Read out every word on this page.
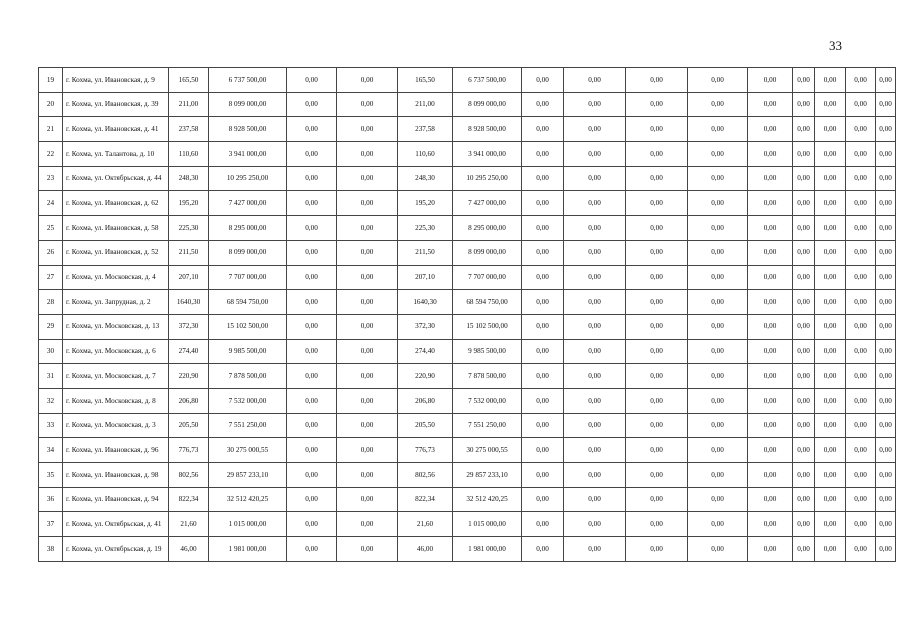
33
19	г. Кохма, ул. Ивановская, д. 9	165,50	6 737 500,00	0,00	0,00	165,50	6 737 500,00	0,00	0,00	0,00	0,00	0,00	0,00	0,00	0,00	0,00
20	г. Кохма, ул. Ивановская, д. 39	211,00	8 099 000,00	0,00	0,00	211,00	8 099 000,00	0,00	0,00	0,00	0,00	0,00	0,00	0,00	0,00	0,00
21	г. Кохма, ул. Ивановская, д. 41	237,58	8 928 500,00	0,00	0,00	237,58	8 928 500,00	0,00	0,00	0,00	0,00	0,00	0,00	0,00	0,00	0,00
22	г. Кохма, ул. Талантова, д. 10	110,60	3 941 000,00	0,00	0,00	110,60	3 941 000,00	0,00	0,00	0,00	0,00	0,00	0,00	0,00	0,00	0,00
23	г. Кохма, ул. Октябрьская, д. 44	248,30	10 295 250,00	0,00	0,00	248,30	10 295 250,00	0,00	0,00	0,00	0,00	0,00	0,00	0,00	0,00	0,00
24	г. Кохма, ул. Ивановская, д. 62	195,20	7 427 000,00	0,00	0,00	195,20	7 427 000,00	0,00	0,00	0,00	0,00	0,00	0,00	0,00	0,00	0,00
25	г. Кохма, ул. Ивановская, д. 58	225,30	8 295 000,00	0,00	0,00	225,30	8 295 000,00	0,00	0,00	0,00	0,00	0,00	0,00	0,00	0,00	0,00
26	г. Кохма, ул. Ивановская, д. 52	211,50	8 099 000,00	0,00	0,00	211,50	8 099 000,00	0,00	0,00	0,00	0,00	0,00	0,00	0,00	0,00	0,00
27	г. Кохма, ул. Московская, д. 4	207,10	7 707 000,00	0,00	0,00	207,10	7 707 000,00	0,00	0,00	0,00	0,00	0,00	0,00	0,00	0,00	0,00
28	г. Кохма, ул. Запрудная, д. 2	1640,30	68 594 750,00	0,00	0,00	1640,30	68 594 750,00	0,00	0,00	0,00	0,00	0,00	0,00	0,00	0,00	0,00
29	г. Кохма, ул. Московская, д. 13	372,30	15 102 500,00	0,00	0,00	372,30	15 102 500,00	0,00	0,00	0,00	0,00	0,00	0,00	0,00	0,00	0,00
30	г. Кохма, ул. Московская, д. 6	274,40	9 985 500,00	0,00	0,00	274,40	9 985 500,00	0,00	0,00	0,00	0,00	0,00	0,00	0,00	0,00	0,00
31	г. Кохма, ул. Московская, д. 7	220,90	7 878 500,00	0,00	0,00	220,90	7 878 500,00	0,00	0,00	0,00	0,00	0,00	0,00	0,00	0,00	0,00
32	г. Кохма, ул. Московская, д. 8	206,80	7 532 000,00	0,00	0,00	206,80	7 532 000,00	0,00	0,00	0,00	0,00	0,00	0,00	0,00	0,00	0,00
33	г. Кохма, ул. Московская, д. 3	205,50	7 551 250,00	0,00	0,00	205,50	7 551 250,00	0,00	0,00	0,00	0,00	0,00	0,00	0,00	0,00	0,00
34	г. Кохма, ул. Ивановская, д. 96	776,73	30 275 000,55	0,00	0,00	776,73	30 275 000,55	0,00	0,00	0,00	0,00	0,00	0,00	0,00	0,00	0,00
35	г. Кохма, ул. Ивановская, д. 98	802,56	29 857 233,10	0,00	0,00	802,56	29 857 233,10	0,00	0,00	0,00	0,00	0,00	0,00	0,00	0,00	0,00
36	г. Кохма, ул. Ивановская, д. 94	822,34	32 512 420,25	0,00	0,00	822,34	32 512 420,25	0,00	0,00	0,00	0,00	0,00	0,00	0,00	0,00	0,00
37	г. Кохма, ул. Октябрьская, д. 41	21,60	1 015 000,00	0,00	0,00	21,60	1 015 000,00	0,00	0,00	0,00	0,00	0,00	0,00	0,00	0,00	0,00
38	г. Кохма, ул. Октябрьская, д. 19	46,00	1 981 000,00	0,00	0,00	46,00	1 981 000,00	0,00	0,00	0,00	0,00	0,00	0,00	0,00	0,00	0,00
